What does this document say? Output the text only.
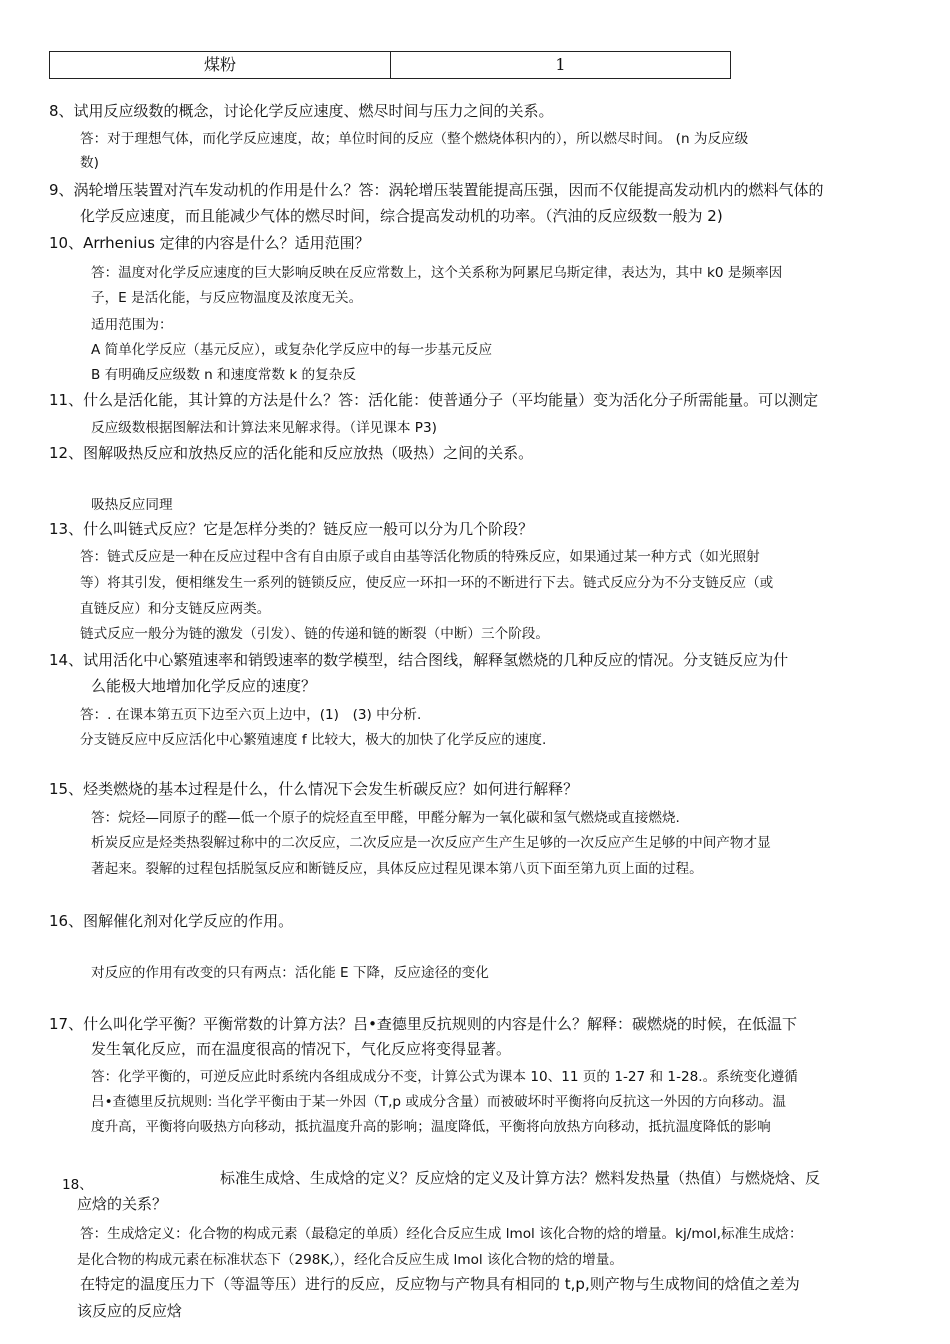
煤粉	1
8、试用反应级数的概念，讨论化学反应速度、燃尽时间与压力之间的关系。
答：对于理想气体，而化学反应速度，故；单位时间的反应（整个燃烧体积内的），所以燃尽时间。 (n 为反应级
数)
9、涡轮增压装置对汽车发动机的作用是什么？答：涡轮增压装置能提高压强，因而不仅能提高发动机内的燃料气体的
化学反应速度，而且能减少气体的燃尽时间，综合提高发动机的功率。（汽油的反应级数一般为 2)
10、Arrhenius 定律的内容是什么？适用范围？
答：温度对化学反应速度的巨大影响反映在反应常数上，这个关系称为阿累尼乌斯定律，表达为，其中 k0 是频率因
子，E 是活化能，与反应物温度及浓度无关。
适用范围为：
A 简单化学反应（基元反应），或复杂化学反应中的每一步基元反应
B 有明确反应级数 n 和速度常数 k 的复杂反
11、什么是活化能，其计算的方法是什么？答：活化能：使普通分子（平均能量）变为活化分子所需能量。可以测定
反应级数根据图解法和计算法来见解求得。（详见课本 P3)
12、图解吸热反应和放热反应的活化能和反应放热（吸热）之间的关系。
吸热反应同理
13、什么叫链式反应？它是怎样分类的？链反应一般可以分为几个阶段？
答：链式反应是一种在反应过程中含有自由原子或自由基等活化物质的特殊反应，如果通过某一种方式（如光照射
等）将其引发，便相继发生一系列的链锁反应，使反应一环扣一环的不断进行下去。链式反应分为不分支链反应（或
直链反应）和分支链反应两类。
链式反应一般分为链的激发（引发）、链的传递和链的断裂（中断）三个阶段。
14、试用活化中心繁殖速率和销毁速率的数学模型，结合图线，解释氢燃烧的几种反应的情况。分支链反应为什
么能极大地增加化学反应的速度？
答：. 在课本第五页下边至六页上边中，(1)　(3) 中分析.
分支链反应中反应活化中心繁殖速度 f 比较大，极大的加快了化学反应的速度.
15、烃类燃烧的基本过程是什么，什么情况下会发生析碳反应？如何进行解释？
答：烷烃—同原子的醛—低一个原子的烷烃直至甲醛，甲醛分解为一氧化碳和氢气燃烧或直接燃烧.
析炭反应是烃类热裂解过称中的二次反应，二次反应是一次反应产生产生足够的一次反应产生足够的中间产物才显
著起来。裂解的过程包括脱氢反应和断链反应，具体反应过程见课本第八页下面至第九页上面的过程。
16、图解催化剂对化学反应的作用。
对反应的作用有改变的只有两点：活化能 E 下降，反应途径的变化
17、什么叫化学平衡？平衡常数的计算方法？吕•查德里反抗规则的内容是什么？解释：碳燃烧的时候，在低温下
发生氧化反应，而在温度很高的情况下，气化反应将变得显著。
答：化学平衡的，可逆反应此时系统内各组成成分不变，计算公式为课本 10、11 页的 1-27 和 1-28.。系统变化遵循
吕•查德里反抗规则: 当化学平衡由于某一外因（T,p 或成分含量）而被破坏时平衡将向反抗这一外因的方向移动。温
度升高，平衡将向吸热方向移动，抵抗温度升高的影响；温度降低，平衡将向放热方向移动，抵抗温度降低的影响
18、	标准生成焓、生成焓的定义？反应焓的定义及计算方法？燃料发热量（热值）与燃烧焓、反
应焓的关系？
答：生成焓定义：化合物的构成元素（最稳定的单质）经化合反应生成 lmol 该化合物的焓的增量。kj/mol,标准生成焓：
是化合物的构成元素在标准状态下（298K,），经化合反应生成 lmol 该化合物的焓的增量。
在特定的温度压力下（等温等压）进行的反应，反应物与产物具有相同的 t,p,则产物与生成物间的焓值之差为
该反应的反应焓
